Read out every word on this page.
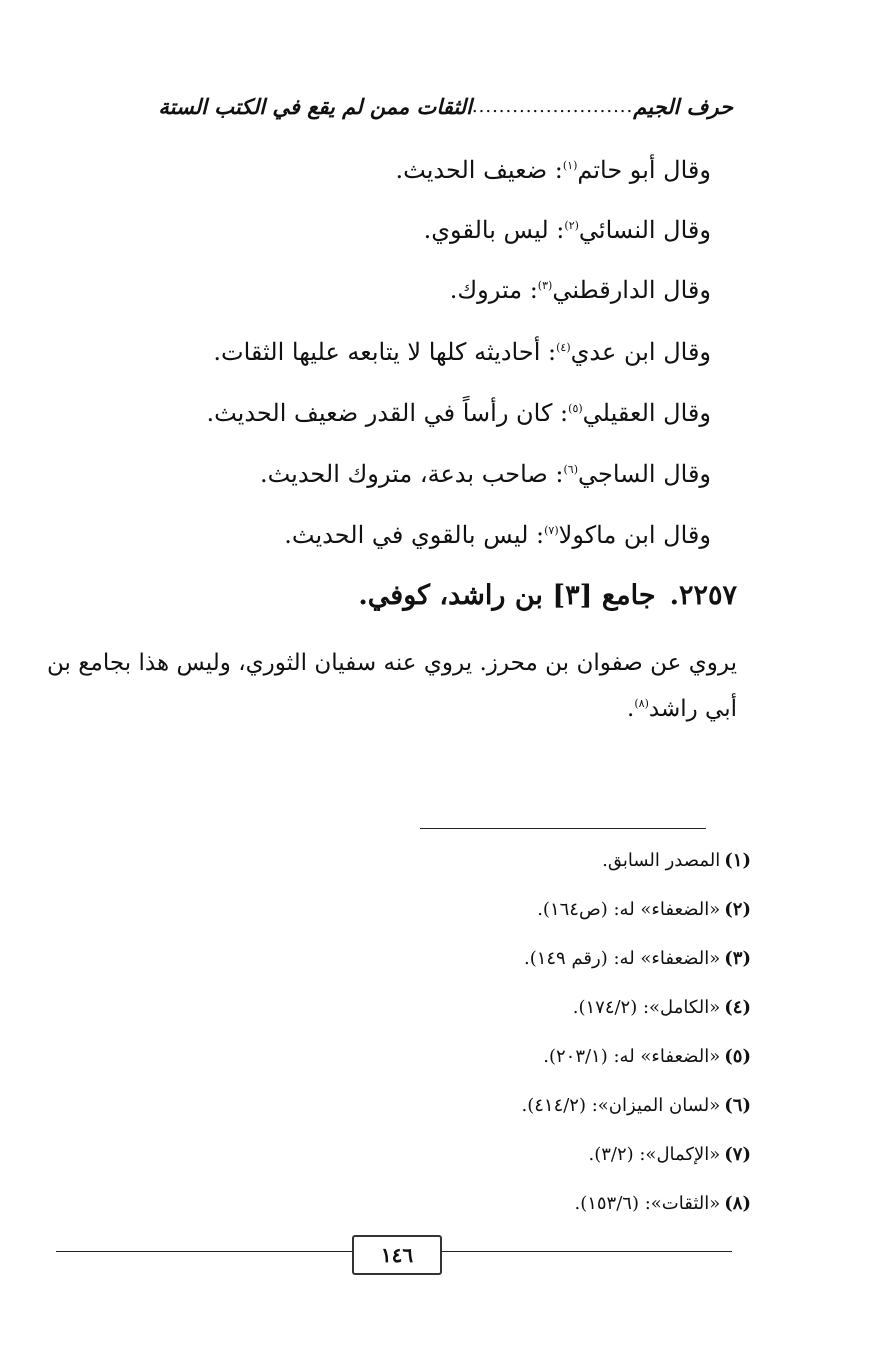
حرف الجيم
........................
الثقات ممن لم يقع في الكتب الستة
وقال أبو حاتم$^{(١)}$: ضعيف الحديث.
وقال النسائي$^{(٢)}$: ليس بالقوي.
وقال الدارقطني$^{(٣)}$: متروك.
وقال ابن عدي$^{(٤)}$: أحاديثه كلها لا يتابعه عليها الثقات.
وقال العقيلي$^{(٥)}$: كان رأساً في القدر ضعيف الحديث.
وقال الساجي$^{(٦)}$: صاحب بدعة، متروك الحديث.
وقال ابن ماكولا$^{(٧)}$: ليس بالقوي في الحديث.
٢٢٥٧.جامع [٣] بن راشد، كوفي.
يروي عن صفوان بن محرز. يروي عنه سفيان الثوري، وليس هذا بجامع بن أبي راشد$^{(٨)}$.
(١)المصدر السابق.
(٢)«الضعفاء» له: (ص١٦٤).
(٣)«الضعفاء» له: (رقم ١٤٩).
(٤)«الكامل»: (١٧٤/٢).
(٥)«الضعفاء» له: (٢٠٣/١).
(٦)«لسان الميزان»: (٤١٤/٢).
(٧)«الإكمال»: (٣/٢).
(٨)«الثقات»: (١٥٣/٦).
١٤٦
